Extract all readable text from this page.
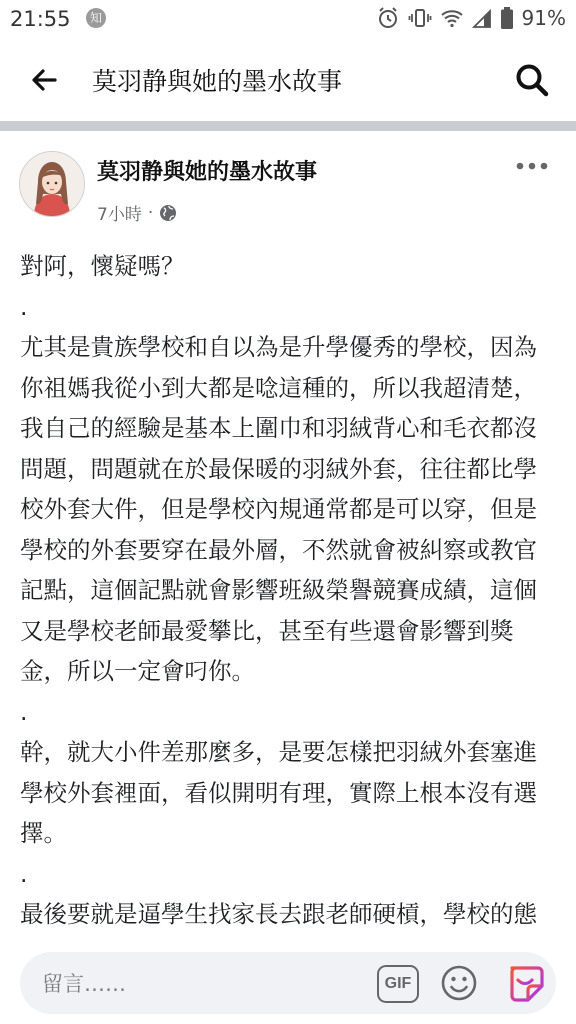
21:55	知	91%
莫羽静與她的墨水故事
莫羽静與她的墨水故事
7小時 ·

對阿，懷疑嗎？

.

尤其是貴族學校和自以為是升學優秀的學校，因為你祖媽我從小到大都是唸這種的，所以我超清楚，我自己的經驗是基本上圍巾和羽絨背心和毛衣都沒問題，問題就在於最保暖的羽絨外套，往往都比學校外套大件，但是學校內規通常都是可以穿，但是學校的外套要穿在最外層，不然就會被糾察或教官記點，這個記點就會影響班級榮譽競賽成績，這個又是學校老師最愛攀比，甚至有些還會影響到獎金，所以一定會叼你。

.

幹，就大小件差那麼多，是要怎樣把羽絨外套塞進學校外套裡面，看似開明有理，實際上根本沒有選擇。

.

最後要就是逼學生找家長去跟老師硬槓，學校的態

留言……
GIF
